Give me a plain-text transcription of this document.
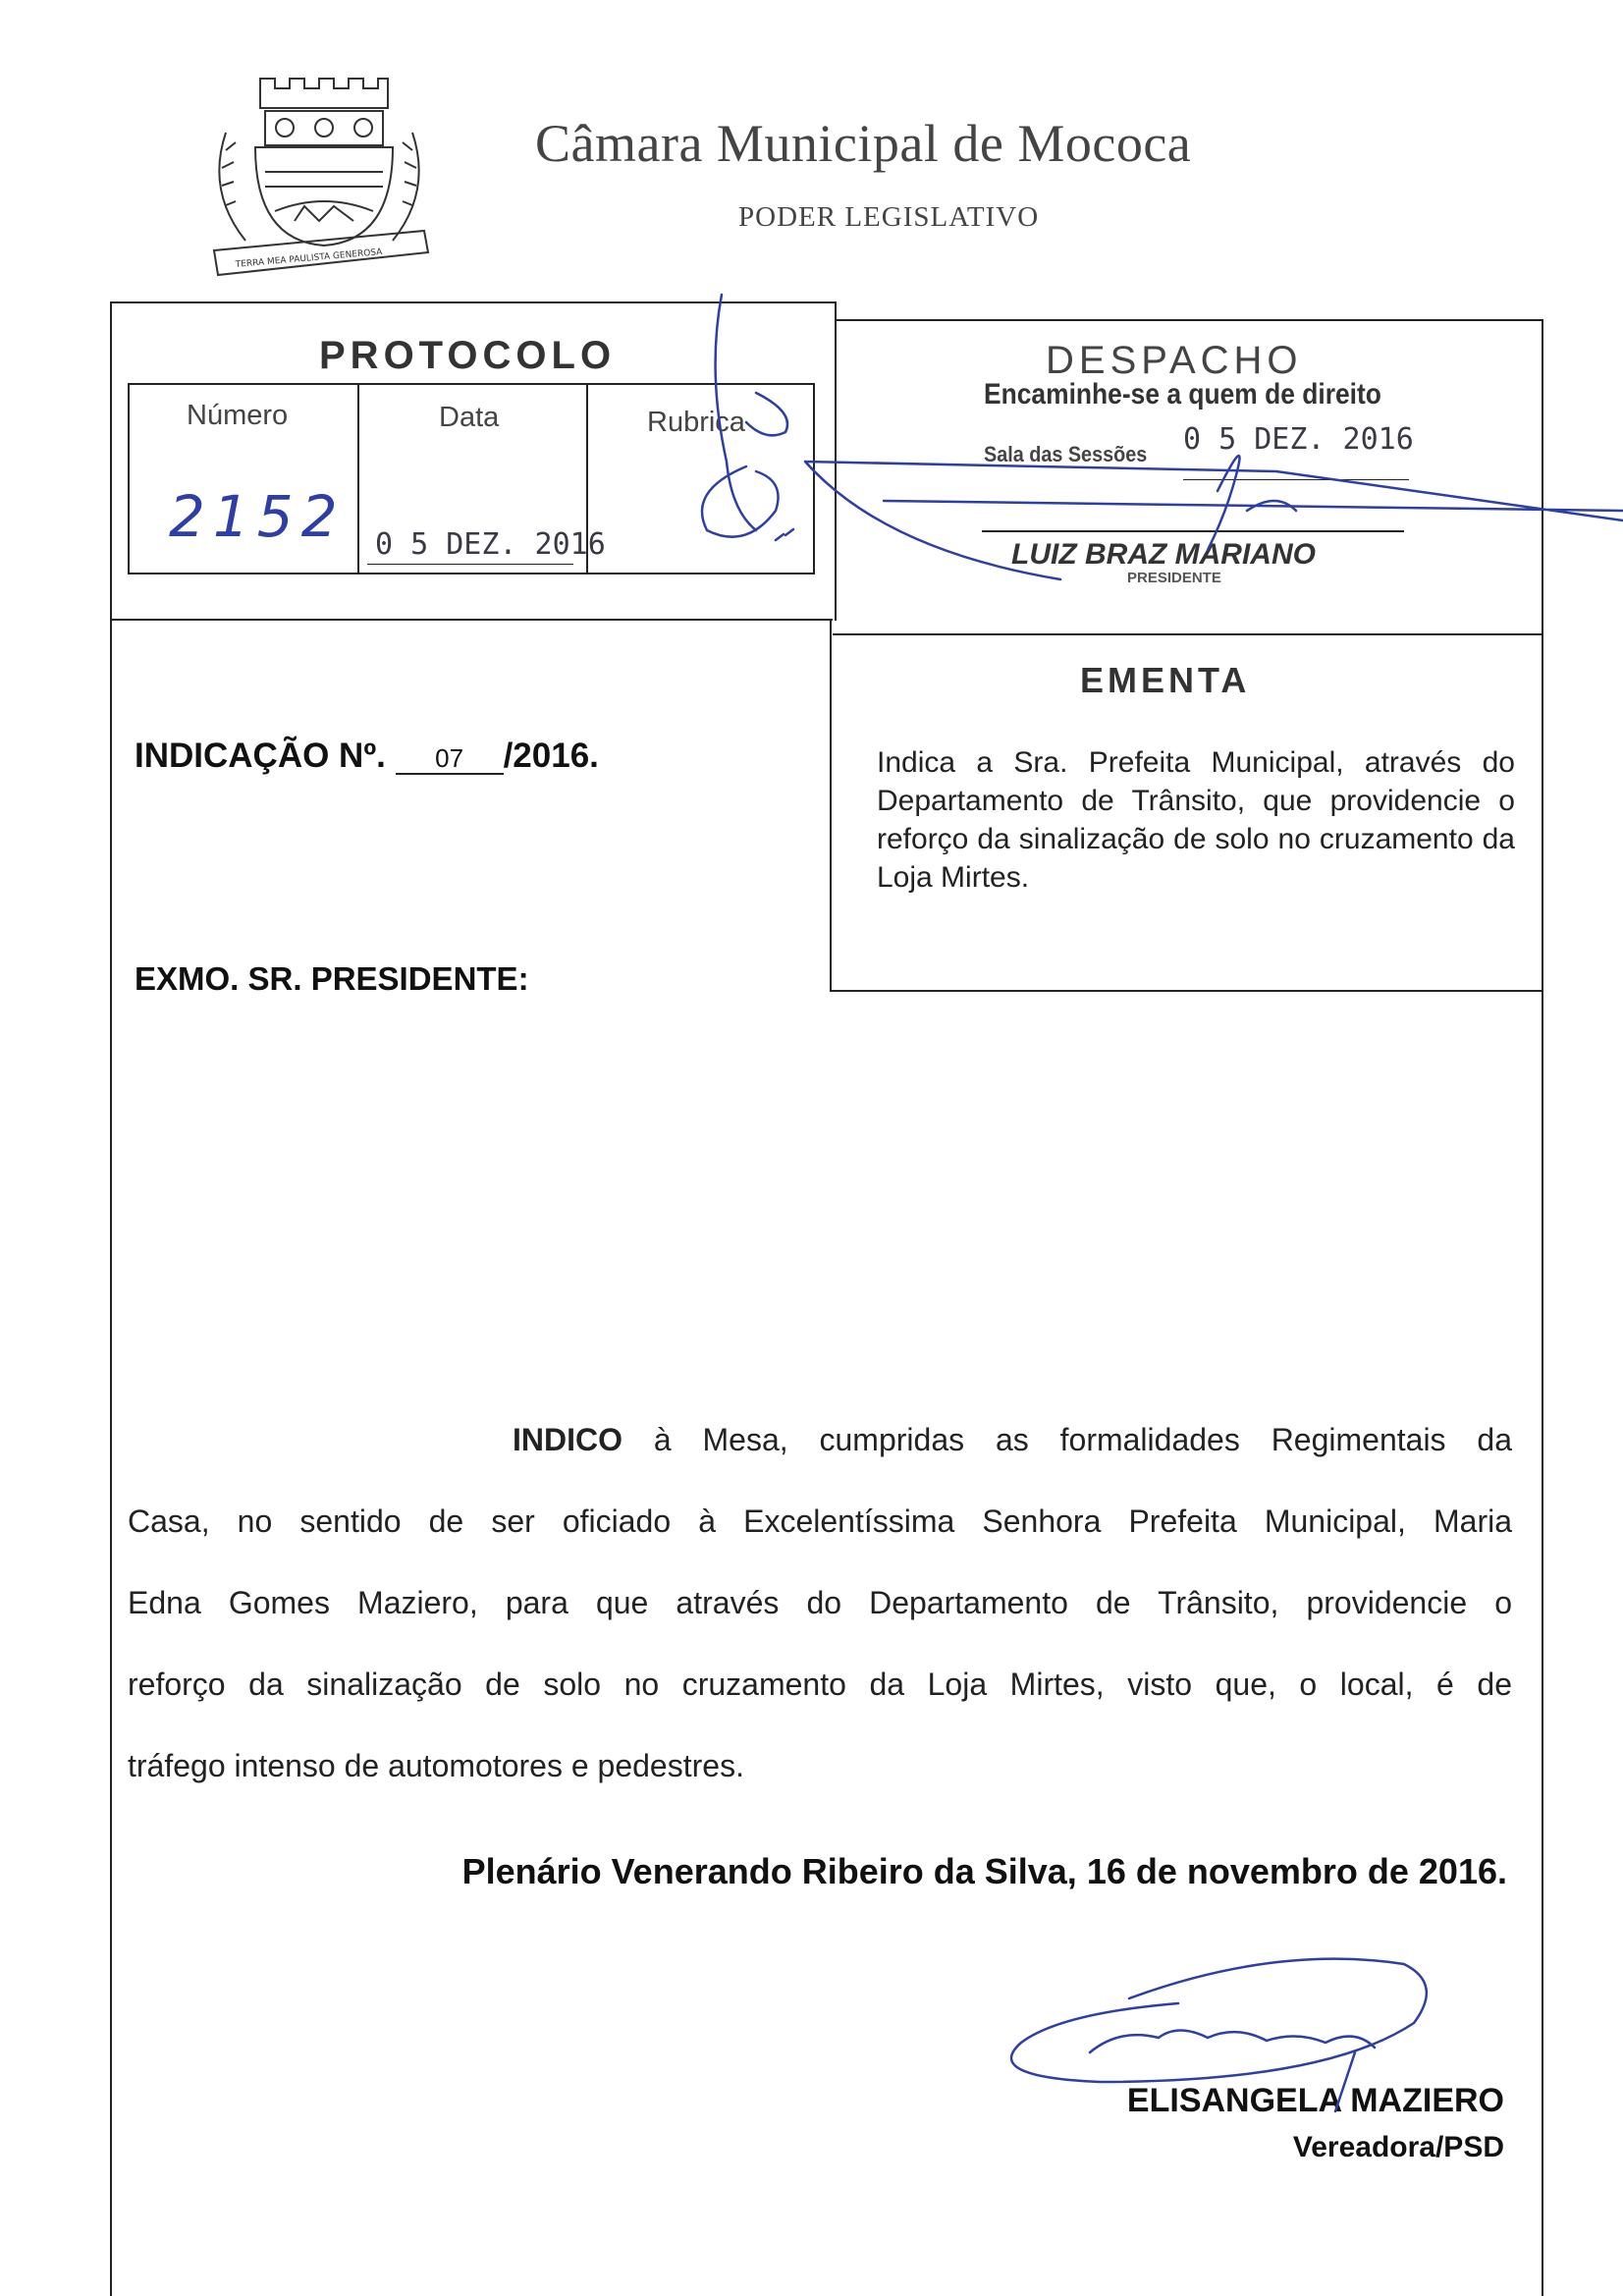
TERRA MEA PAULISTA GENEROSA
Câmara Municipal de Mococa
PODER LEGISLATIVO
PROTOCOLO
Número	Data	Rubrica
2152 0 5 DEZ. 2016
DESPACHO
Encaminhe-se a quem de direito
Sala das Sessões 0 5 DEZ. 2016
LUIZ BRAZ MARIANO
PRESIDENTE
EMENTA
Indica a Sra. Prefeita Municipal, através do Departamento de Trânsito, que providencie o reforço da sinalização de solo no cruzamento da Loja Mirtes.
INDICAÇÃO Nº. 07 /2016.
EXMO. SR. PRESIDENTE:
INDICO à Mesa, cumpridas as formalidades Regimentais da
Casa, no sentido de ser oficiado à Excelentíssima Senhora Prefeita Municipal, Maria
Edna Gomes Maziero, para que através do Departamento de Trânsito, providencie o
reforço da sinalização de solo no cruzamento da Loja Mirtes, visto que, o local, é de
tráfego intenso de automotores e pedestres.
Plenário Venerando Ribeiro da Silva, 16 de novembro de 2016.
ELISANGELA MAZIERO
Vereadora/PSD
